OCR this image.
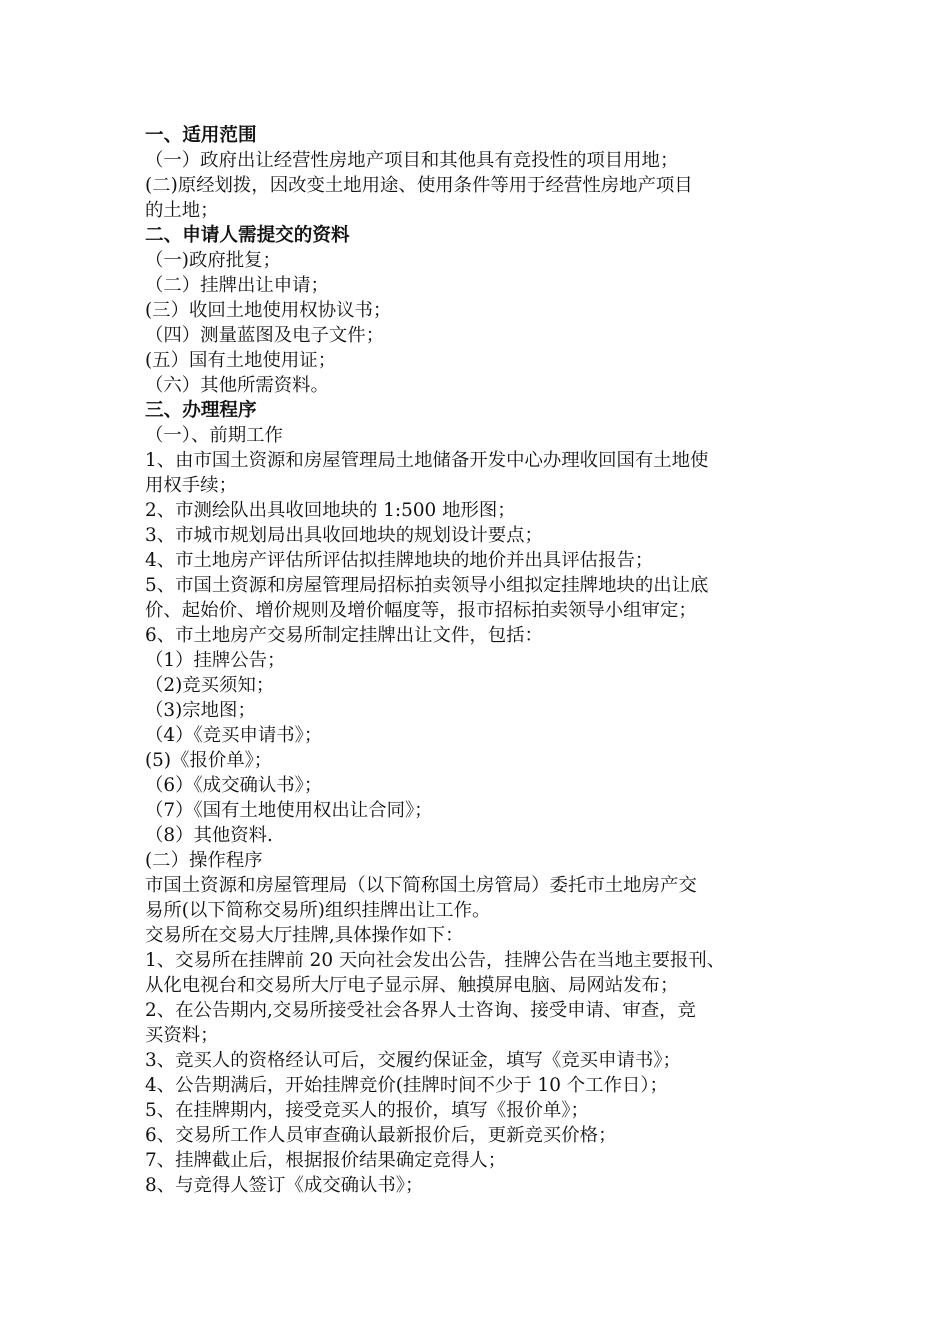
一、适用范围

（一）政府出让经营性房地产项目和其他具有竞投性的项目用地；

(二)原经划拨，因改变土地用途、使用条件等用于经营性房地产项目

的土地；

二、申请人需提交的资料

（一)政府批复；

（二）挂牌出让申请；

(三）收回土地使用权协议书；

（四）测量蓝图及电子文件；

(五）国有土地使用证；

（六）其他所需资料。

三、办理程序

（一）、前期工作

1、由市国土资源和房屋管理局土地储备开发中心办理收回国有土地使

用权手续；

2、市测绘队出具收回地块的 1:500 地形图；

3、市城市规划局出具收回地块的规划设计要点；

4、市土地房产评估所评估拟挂牌地块的地价并出具评估报告；

5、市国土资源和房屋管理局招标拍卖领导小组拟定挂牌地块的出让底

价、起始价、增价规则及增价幅度等，报市招标拍卖领导小组审定；

6、市土地房产交易所制定挂牌出让文件，包括：

（1）挂牌公告；

（2)竞买须知；

（3)宗地图；

（4）《竞买申请书》；

(5)《报价单》；

（6）《成交确认书》；

（7）《国有土地使用权出让合同》；

（8）其他资料.

(二）操作程序

市国土资源和房屋管理局（以下简称国土房管局）委托市土地房产交

易所(以下简称交易所)组织挂牌出让工作。

交易所在交易大厅挂牌,具体操作如下：

1、交易所在挂牌前 20 天向社会发出公告，挂牌公告在当地主要报刊、

从化电视台和交易所大厅电子显示屏、触摸屏电脑、局网站发布；

2、在公告期内,交易所接受社会各界人士咨询、接受申请、审查，竞

买资料；

3、竞买人的资格经认可后，交履约保证金，填写《竞买申请书》；

4、公告期满后，开始挂牌竞价(挂牌时间不少于 10 个工作日）；

5、在挂牌期内，接受竞买人的报价，填写《报价单》；

6、交易所工作人员审查确认最新报价后，更新竞买价格；

7、挂牌截止后，根据报价结果确定竞得人；

8、与竞得人签订《成交确认书》；
